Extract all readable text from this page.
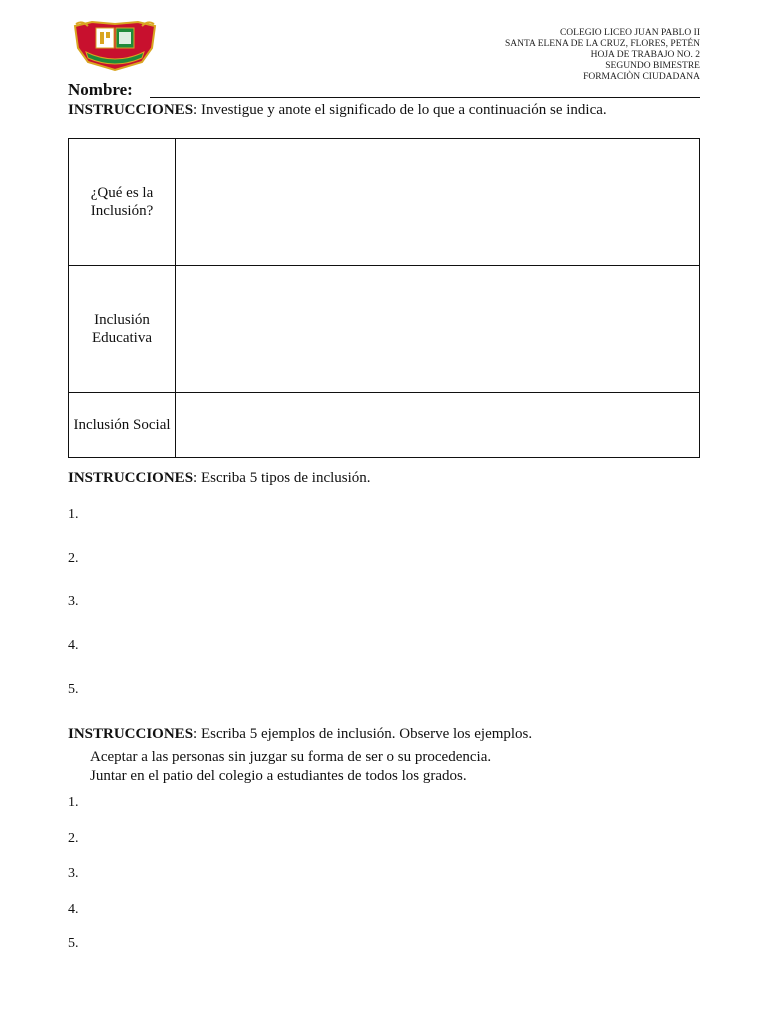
COLEGIO LICEO JUAN PABLO II
SANTA ELENA DE LA CRUZ, FLORES, PETÉN
HOJA DE TRABAJO NO. 2
SEGUNDO BIMESTRE
FORMACIÒN CIUDADANA
Nombre:
INSTRUCCIONES: Investigue y anote el significado de lo que a continuación se indica.
¿Qué es la Inclusión?	
Inclusión Educativa	
Inclusión Social	
INSTRUCCIONES: Escriba 5 tipos de inclusión.
1.
2.
3.
4.
5.
INSTRUCCIONES: Escriba 5 ejemplos de inclusión. Observe los ejemplos.
Aceptar a las personas sin juzgar su forma de ser o su procedencia.
Juntar en el patio del colegio a estudiantes de todos los grados.
1.
2.
3.
4.
5.
